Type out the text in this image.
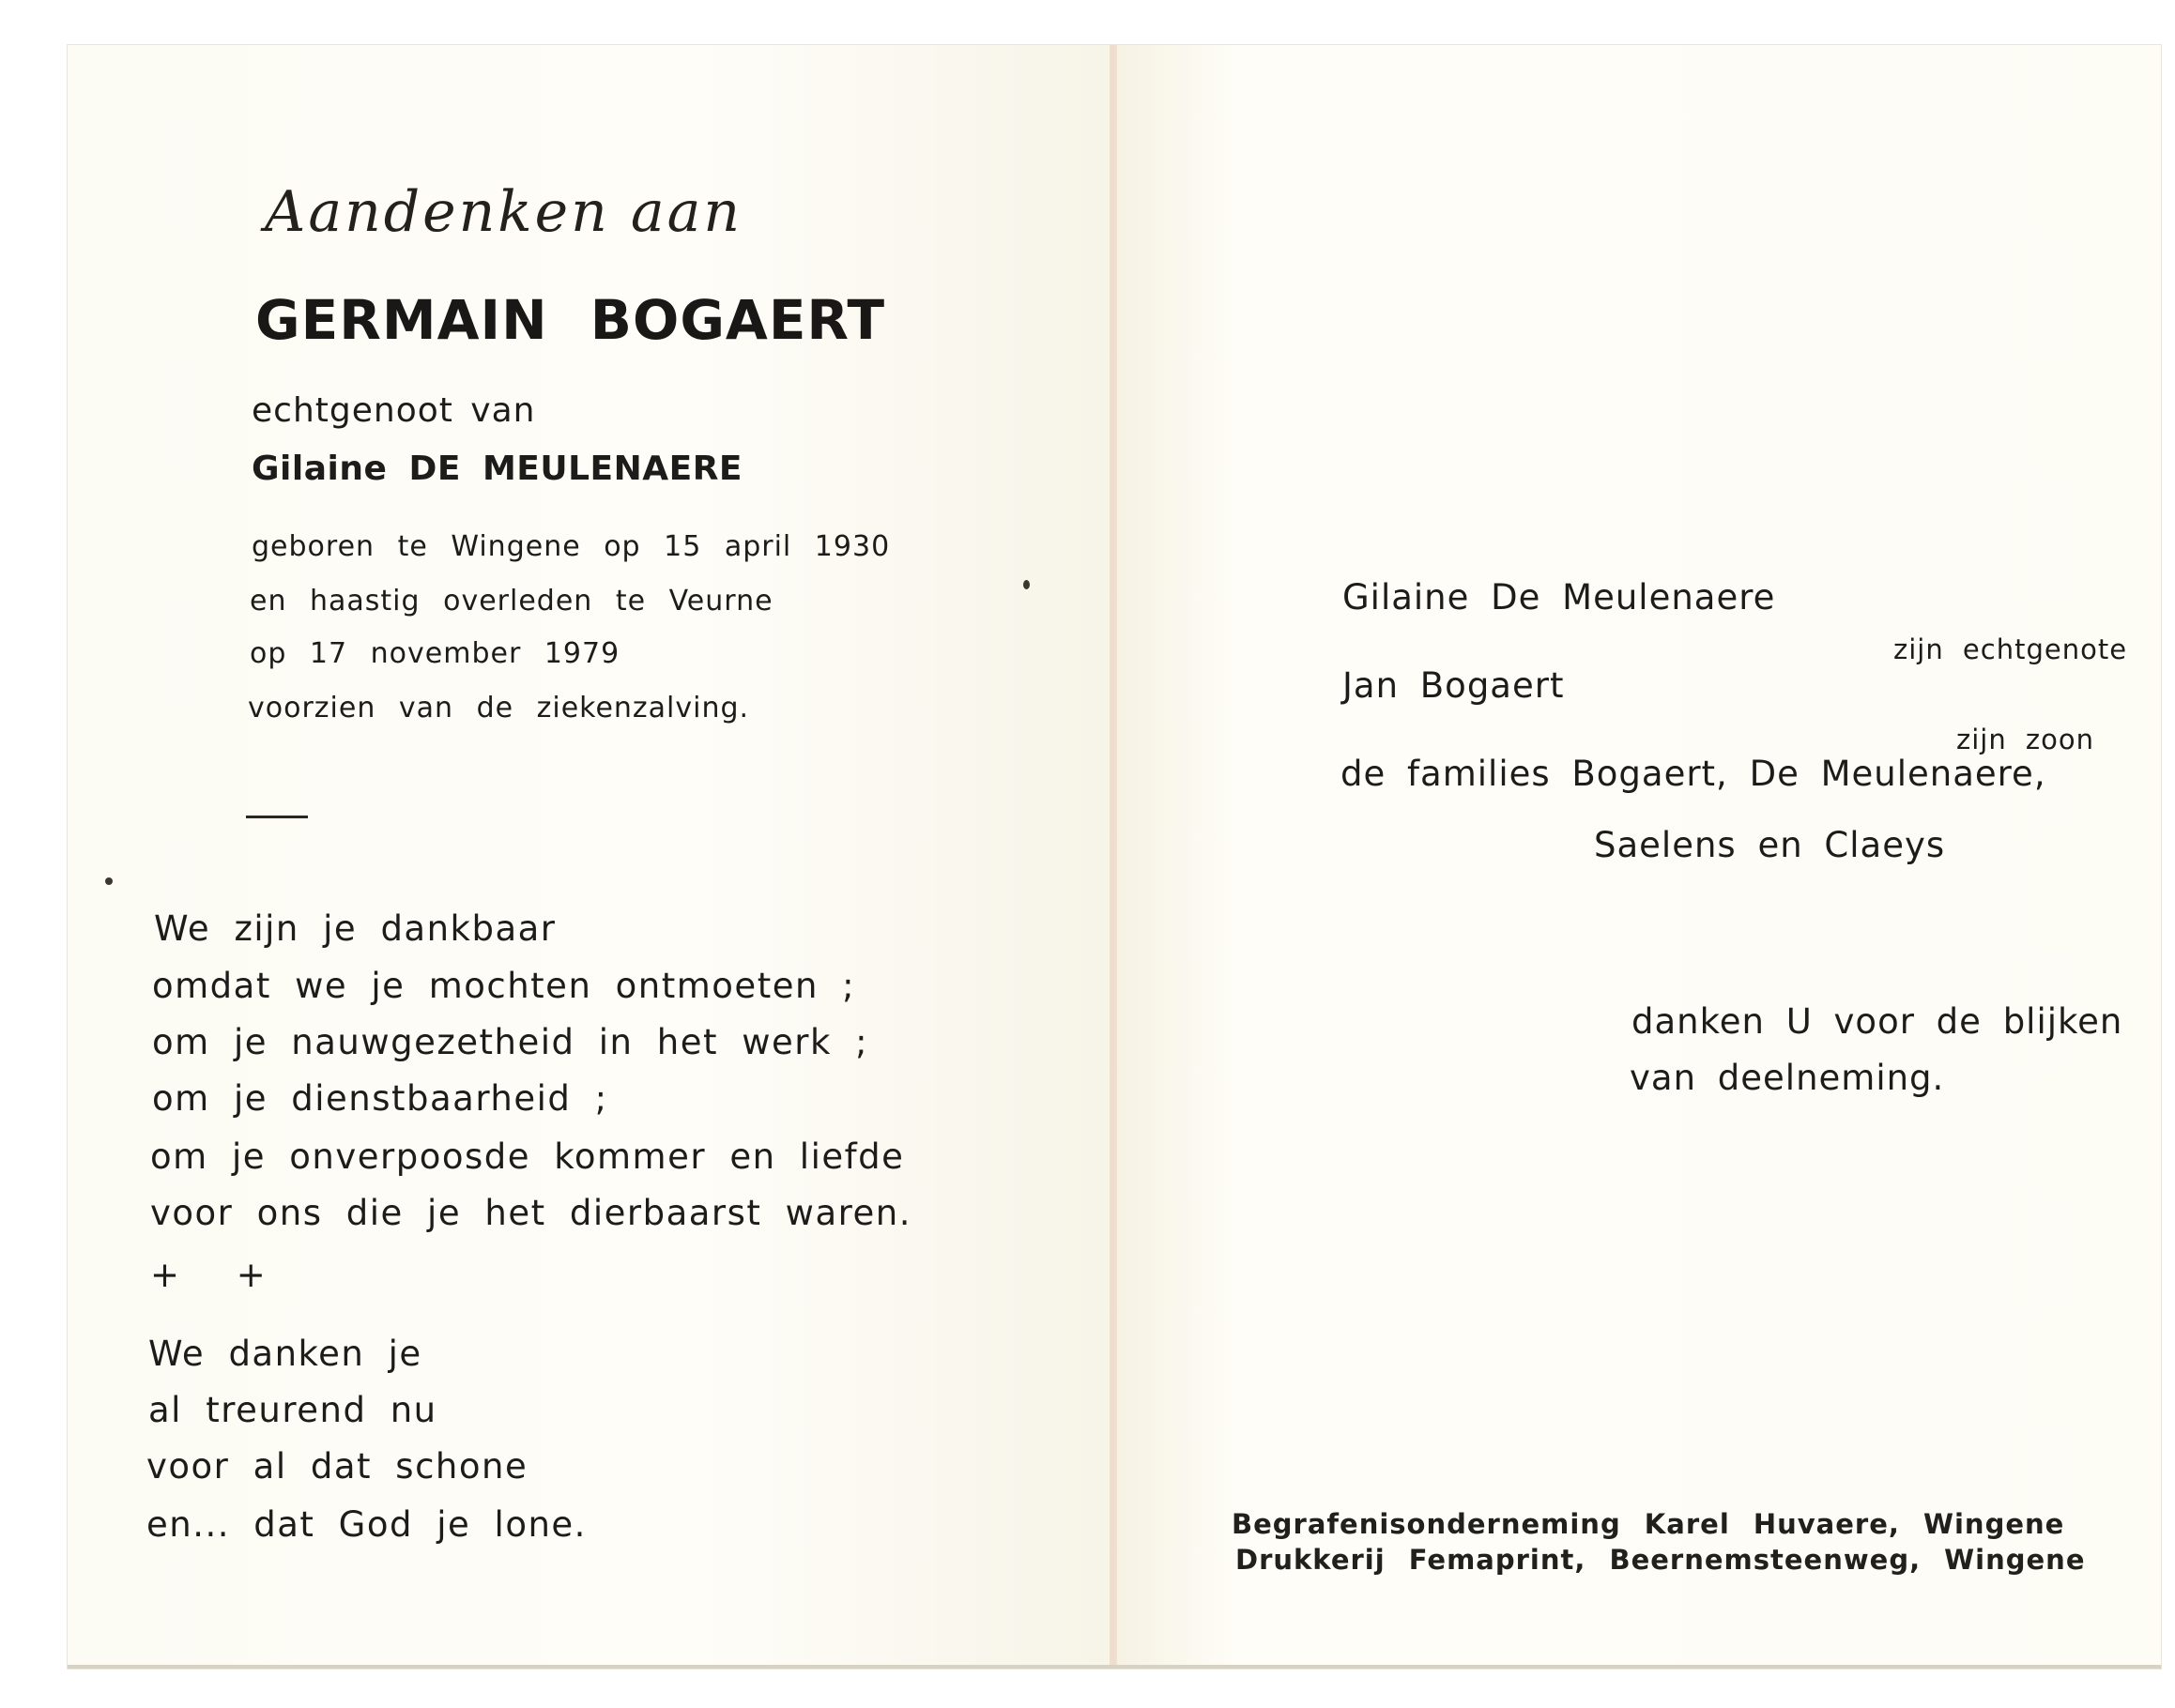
Aandenken aan

GERMAIN BOGAERT

echtgenoot van

Gilaine DE MEULENAERE

geboren te Wingene op 15 april 1930

en haastig overleden te Veurne

op 17 november 1979

voorzien van de ziekenzalving.

We zijn je dankbaar

omdat we je mochten ontmoeten ;

om je nauwgezetheid in het werk ;

om je dienstbaarheid ;

om je onverpoosde kommer en liefde

voor ons die je het dierbaarst waren.

+ +

We danken je

al treurend nu

voor al dat schone

en... dat God je lone.

Gilaine De Meulenaere

zijn echtgenote

Jan Bogaert

zijn zoon

de families Bogaert, De Meulenaere,

Saelens en Claeys

danken U voor de blijken

van deelneming.

Begrafenisonderneming Karel Huvaere, Wingene

Drukkerij Femaprint, Beernemsteenweg, Wingene
